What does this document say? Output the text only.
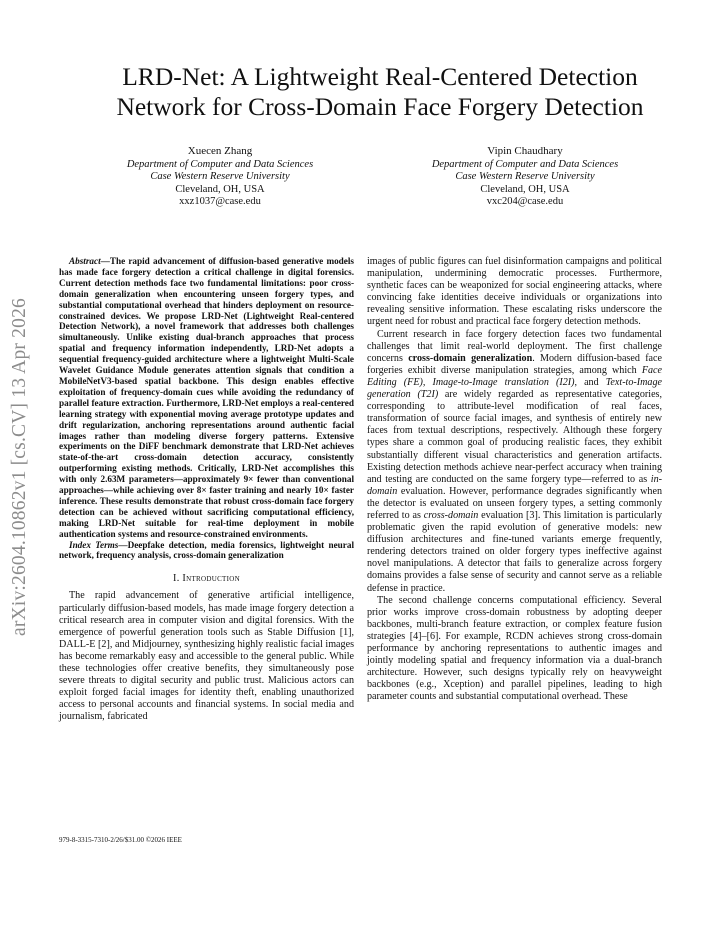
arXiv:2604.10862v1 [cs.CV] 13 Apr 2026
LRD-Net: A Lightweight Real-Centered Detection
Network for Cross-Domain Face Forgery Detection
Xuecen Zhang
Department of Computer and Data Sciences
Case Western Reserve University
Cleveland, OH, USA
xxz1037@case.edu
Vipin Chaudhary
Department of Computer and Data Sciences
Case Western Reserve University
Cleveland, OH, USA
vxc204@case.edu

Abstract—The rapid advancement of diffusion-based generative models has made face forgery detection a critical challenge in digital forensics. Current detection methods face two fundamental limitations: poor cross-domain generalization when encountering unseen forgery types, and substantial computational overhead that hinders deployment on resource-constrained devices. We propose LRD-Net (Lightweight Real-centered Detection Network), a novel framework that addresses both challenges simultaneously. Unlike existing dual-branch approaches that process spatial and frequency information independently, LRD-Net adopts a sequential frequency-guided architecture where a lightweight Multi-Scale Wavelet Guidance Module generates attention signals that condition a MobileNetV3-based spatial backbone. This design enables effective exploitation of frequency-domain cues while avoiding the redundancy of parallel feature extraction. Furthermore, LRD-Net employs a real-centered learning strategy with exponential moving average prototype updates and drift regularization, anchoring representations around authentic facial images rather than modeling diverse forgery patterns. Extensive experiments on the DiFF benchmark demonstrate that LRD-Net achieves state-of-the-art cross-domain detection accuracy, consistently outperforming existing methods. Critically, LRD-Net accomplishes this with only 2.63M parameters—approximately 9× fewer than conventional approaches—while achieving over 8× faster training and nearly 10× faster inference. These results demonstrate that robust cross-domain face forgery detection can be achieved without sacrificing computational efficiency, making LRD-Net suitable for real-time deployment in mobile authentication systems and resource-constrained environments.

Index Terms—Deepfake detection, media forensics, lightweight neural network, frequency analysis, cross-domain generalization

I. Introduction

The rapid advancement of generative artificial intelligence, particularly diffusion-based models, has made image forgery detection a critical research area in computer vision and digital forensics. With the emergence of powerful generation tools such as Stable Diffusion [1], DALL-E [2], and Midjourney, synthesizing highly realistic facial images has become remarkably easy and accessible to the general public. While these technologies offer creative benefits, they simultaneously pose severe threats to digital security and public trust. Malicious actors can exploit forged facial images for identity theft, enabling unauthorized access to personal accounts and financial systems. In social media and journalism, fabricated

images of public figures can fuel disinformation campaigns and political manipulation, undermining democratic processes. Furthermore, synthetic faces can be weaponized for social engineering attacks, where convincing fake identities deceive individuals or organizations into revealing sensitive information. These escalating risks underscore the urgent need for robust and practical face forgery detection methods.

Current research in face forgery detection faces two fundamental challenges that limit real-world deployment. The first challenge concerns cross-domain generalization. Modern diffusion-based face forgeries exhibit diverse manipulation strategies, among which Face Editing (FE), Image-to-Image translation (I2I), and Text-to-Image generation (T2I) are widely regarded as representative categories, corresponding to attribute-level modification of real faces, transformation of source facial images, and synthesis of entirely new faces from textual descriptions, respectively. Although these forgery types share a common goal of producing realistic faces, they exhibit substantially different visual characteristics and generation artifacts. Existing detection methods achieve near-perfect accuracy when training and testing are conducted on the same forgery type—referred to as in-domain evaluation. However, performance degrades significantly when the detector is evaluated on unseen forgery types, a setting commonly referred to as cross-domain evaluation [3]. This limitation is particularly problematic given the rapid evolution of generative models: new diffusion architectures and fine-tuned variants emerge frequently, rendering detectors trained on older forgery types ineffective against novel manipulations. A detector that fails to generalize across forgery domains provides a false sense of security and cannot serve as a reliable defense in practice.

The second challenge concerns computational efficiency. Several prior works improve cross-domain robustness by adopting deeper backbones, multi-branch feature extraction, or complex feature fusion strategies [4]–[6]. For example, RCDN achieves strong cross-domain performance by anchoring representations to authentic images and jointly modeling spatial and frequency information via a dual-branch architecture. However, such designs typically rely on heavyweight backbones (e.g., Xception) and parallel pipelines, leading to high parameter counts and substantial computational overhead. These

979-8-3315-7310-2/26/$31.00 ©2026 IEEE
